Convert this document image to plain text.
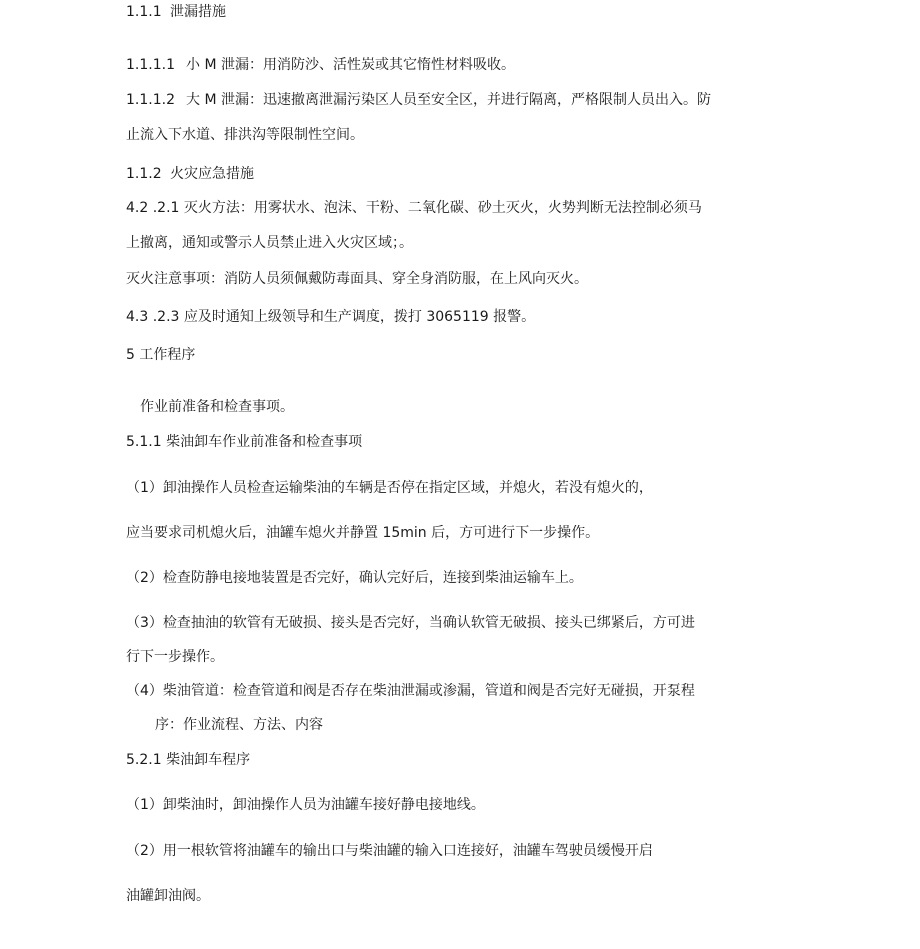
1.1.1 泄漏措施
1.1.1.1 小 M 泄漏：用消防沙、活性炭或其它惰性材料吸收。
1.1.1.2 大 M 泄漏：迅速撤离泄漏污染区人员至安全区，并进行隔离，严格限制人员出入。防
止流入下水道、排洪沟等限制性空间。
1.1.2 火灾应急措施
4.2 .2.1 灭火方法：用雾状水、泡沫、干粉、二氧化碳、砂土灭火，火势判断无法控制必须马
上撤离，通知或警示人员禁止进入火灾区域；。
灭火注意事项：消防人员须佩戴防毒面具、穿全身消防服，在上风向灭火。
4.3 .2.3 应及时通知上级领导和生产调度，拨打 3065119 报警。
5 工作程序
作业前准备和检查事项。
5.1.1 柴油卸车作业前准备和检查事项
（1）卸油操作人员检查运输柴油的车辆是否停在指定区域，并熄火，若没有熄火的，
应当要求司机熄火后，油罐车熄火并静置 15min 后，方可进行下一步操作。
（2）检查防静电接地装置是否完好，确认完好后，连接到柴油运输车上。
（3）检查抽油的软管有无破损、接头是否完好，当确认软管无破损、接头已绑紧后，方可进
行下一步操作。
（4）柴油管道：检查管道和阀是否存在柴油泄漏或渗漏，管道和阀是否完好无碰损，开泵程
序：作业流程、方法、内容
5.2.1 柴油卸车程序
（1）卸柴油时，卸油操作人员为油罐车接好静电接地线。
（2）用一根软管将油罐车的输出口与柴油罐的输入口连接好，油罐车驾驶员缓慢开启
油罐卸油阀。
